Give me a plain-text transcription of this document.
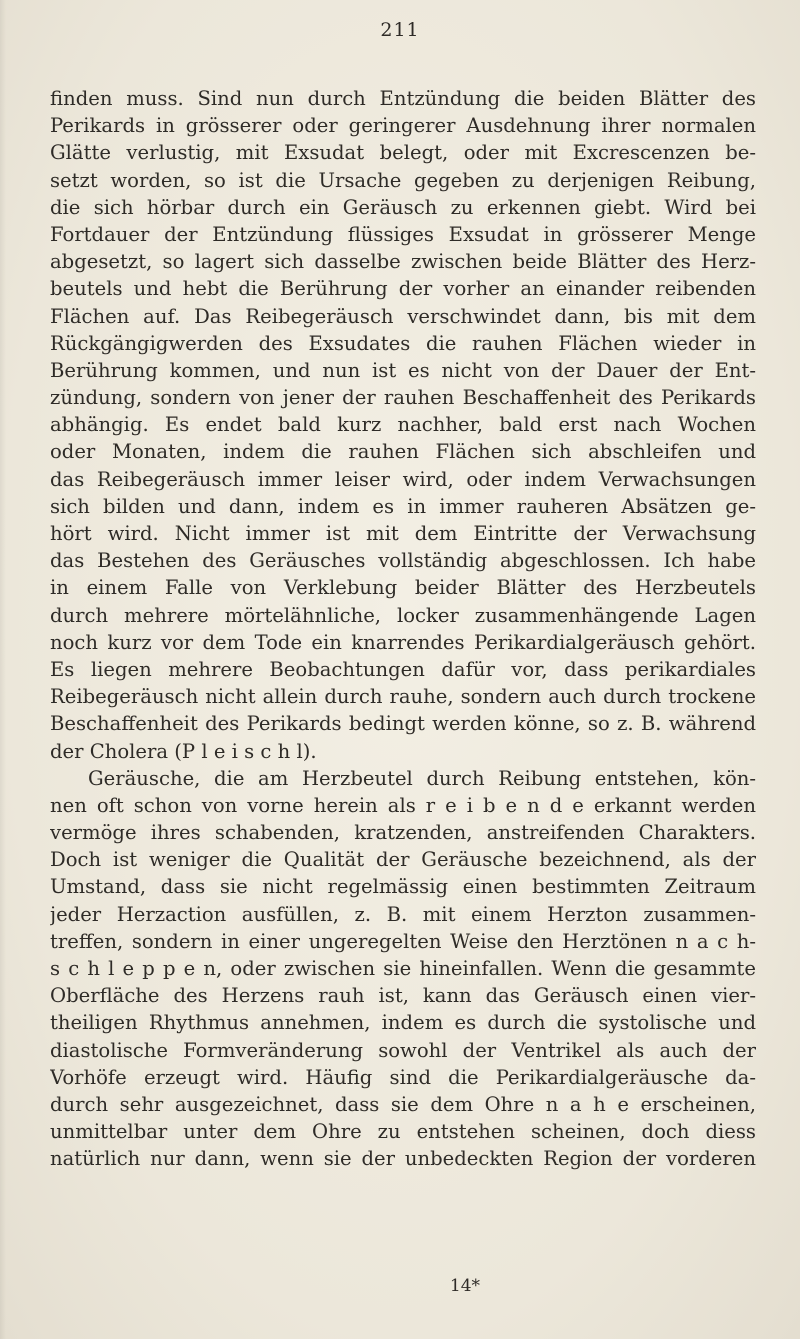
211
finden muss. Sind nun durch Entzündung die beiden Blätter des
Perikards in grösserer oder geringerer Ausdehnung ihrer normalen
Glätte verlustig, mit Exsudat belegt, oder mit Excrescenzen be-
setzt worden, so ist die Ursache gegeben zu derjenigen Reibung,
die sich hörbar durch ein Geräusch zu erkennen giebt. Wird bei
Fortdauer der Entzündung flüssiges Exsudat in grösserer Menge
abgesetzt, so lagert sich dasselbe zwischen beide Blätter des Herz-
beutels und hebt die Berührung der vorher an einander reibenden
Flächen auf. Das Reibegeräusch verschwindet dann, bis mit dem
Rückgängigwerden des Exsudates die rauhen Flächen wieder in
Berührung kommen, und nun ist es nicht von der Dauer der Ent-
zündung, sondern von jener der rauhen Beschaffenheit des Perikards
abhängig. Es endet bald kurz nachher, bald erst nach Wochen
oder Monaten, indem die rauhen Flächen sich abschleifen und
das Reibegeräusch immer leiser wird, oder indem Verwachsungen
sich bilden und dann, indem es in immer rauheren Absätzen ge-
hört wird. Nicht immer ist mit dem Eintritte der Verwachsung
das Bestehen des Geräusches vollständig abgeschlossen. Ich habe
in einem Falle von Verklebung beider Blätter des Herzbeutels
durch mehrere mörtelähnliche, locker zusammenhängende Lagen
noch kurz vor dem Tode ein knarrendes Perikardialgeräusch gehört.
Es liegen mehrere Beobachtungen dafür vor, dass perikardiales
Reibegeräusch nicht allein durch rauhe, sondern auch durch trockene
Beschaffenheit des Perikards bedingt werden könne, so z. B. während
der Cholera (P l e i s c h l).
Geräusche, die am Herzbeutel durch Reibung entstehen, kön-
nen oft schon von vorne herein als r e i b e n d e erkannt werden
vermöge ihres schabenden, kratzenden, anstreifenden Charakters.
Doch ist weniger die Qualität der Geräusche bezeichnend, als der
Umstand, dass sie nicht regelmässig einen bestimmten Zeitraum
jeder Herzaction ausfüllen, z. B. mit einem Herzton zusammen-
treffen, sondern in einer ungeregelten Weise den Herztönen n a c h-
s c h l e p p e n, oder zwischen sie hineinfallen. Wenn die gesammte
Oberfläche des Herzens rauh ist, kann das Geräusch einen vier-
theiligen Rhythmus annehmen, indem es durch die systolische und
diastolische Formveränderung sowohl der Ventrikel als auch der
Vorhöfe erzeugt wird. Häufig sind die Perikardialgeräusche da-
durch sehr ausgezeichnet, dass sie dem Ohre n a h e erscheinen,
unmittelbar unter dem Ohre zu entstehen scheinen, doch diess
natürlich nur dann, wenn sie der unbedeckten Region der vorderen
14*
